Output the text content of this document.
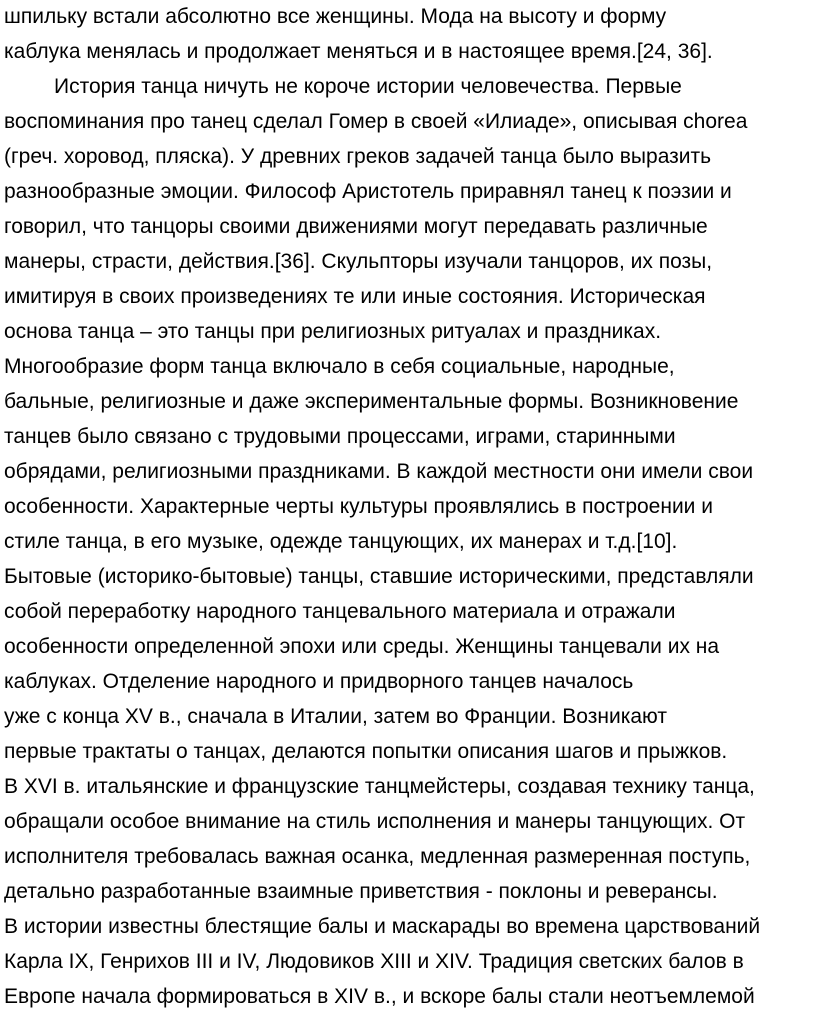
шпильку встали абсолютно все женщины. Мода на высоту и форму
каблука менялась и продолжает меняться и в настоящее время.[24, 36].
История танца ничуть не короче истории человечества. Первые
воспоминания про танец сделал Гомер в своей «Илиаде», описывая chorea
(греч. хоровод, пляска). У древних греков задачей танца было выразить
разнообразные эмоции. Философ Аристотель приравнял танец к поэзии и
говорил, что танцоры своими движениями могут передавать различные
манеры, страсти, действия.[36]. Скульпторы изучали танцоров, их позы,
имитируя в своих произведениях те или иные состояния. Историческая
основа танца – это танцы при религиозных ритуалах и праздниках.
Многообразие форм танца включало в себя социальные, народные,
бальные, религиозные и даже экспериментальные формы. Возникновение
танцев было связано с трудовыми процессами, играми, старинными
обрядами, религиозными праздниками. В каждой местности они имели свои
особенности. Характерные черты культуры проявлялись в построении и
стиле танца, в его музыке, одежде танцующих, их манерах и т.д.[10].
Бытовые (историко-бытовые) танцы, ставшие историческими, представляли
собой переработку народного танцевального материала и отражали
особенности определенной эпохи или среды. Женщины танцевали их на
каблуках. Отделение народного и придворного танцев началось
уже с конца XV в., сначала в Италии, затем во Франции. Возникают
первые трактаты о танцах, делаются попытки описания шагов и прыжков.
В XVI в. итальянские и французские танцмейстеры, создавая технику танца,
обращали особое внимание на стиль исполнения и манеры танцующих. От
исполнителя требовалась важная осанка, медленная размеренная поступь,
детально разработанные взаимные приветствия - поклоны и реверансы.
В истории известны блестящие балы и маскарады во времена царствований
Карла IX, Генрихов III и IV, Людовиков XIII и XIV. Традиция светских балов в
Европе начала формироваться в XIV в., и вскоре балы стали неотъемлемой
